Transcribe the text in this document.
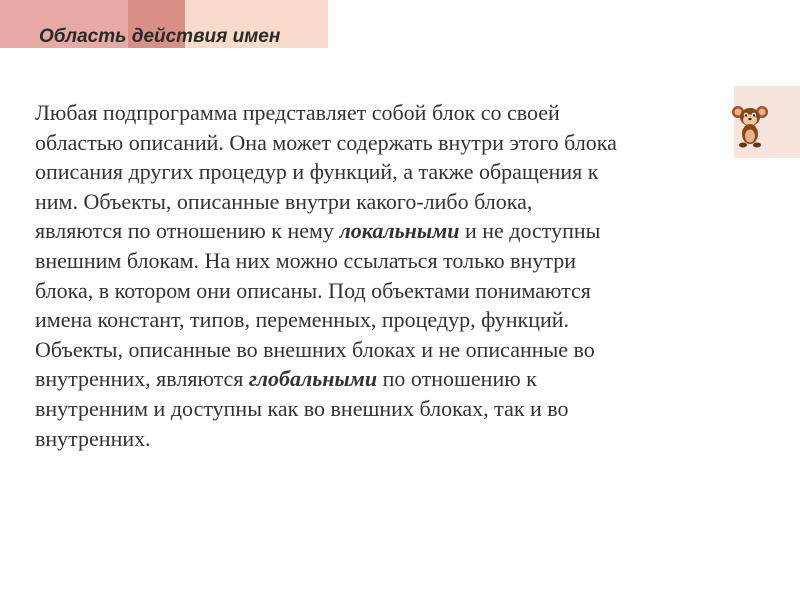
Область действия имен
Любая подпрограмма представляет собой блок со своей
областью описаний. Она может содержать внутри этого блока
описания других процедур и функций, а также обращения к
ним. Объекты, описанные внутри какого-либо блока,
являются по отношению к нему локальными и не доступны
внешним блокам. На них можно ссылаться только внутри
блока, в котором они описаны. Под объектами понимаются
имена констант, типов, переменных, процедур, функций.
Объекты, описанные во внешних блоках и не описанные во
внутренних, являются глобальными по отношению к
внутренним и доступны как во внешних блоках, так и во
внутренних.
